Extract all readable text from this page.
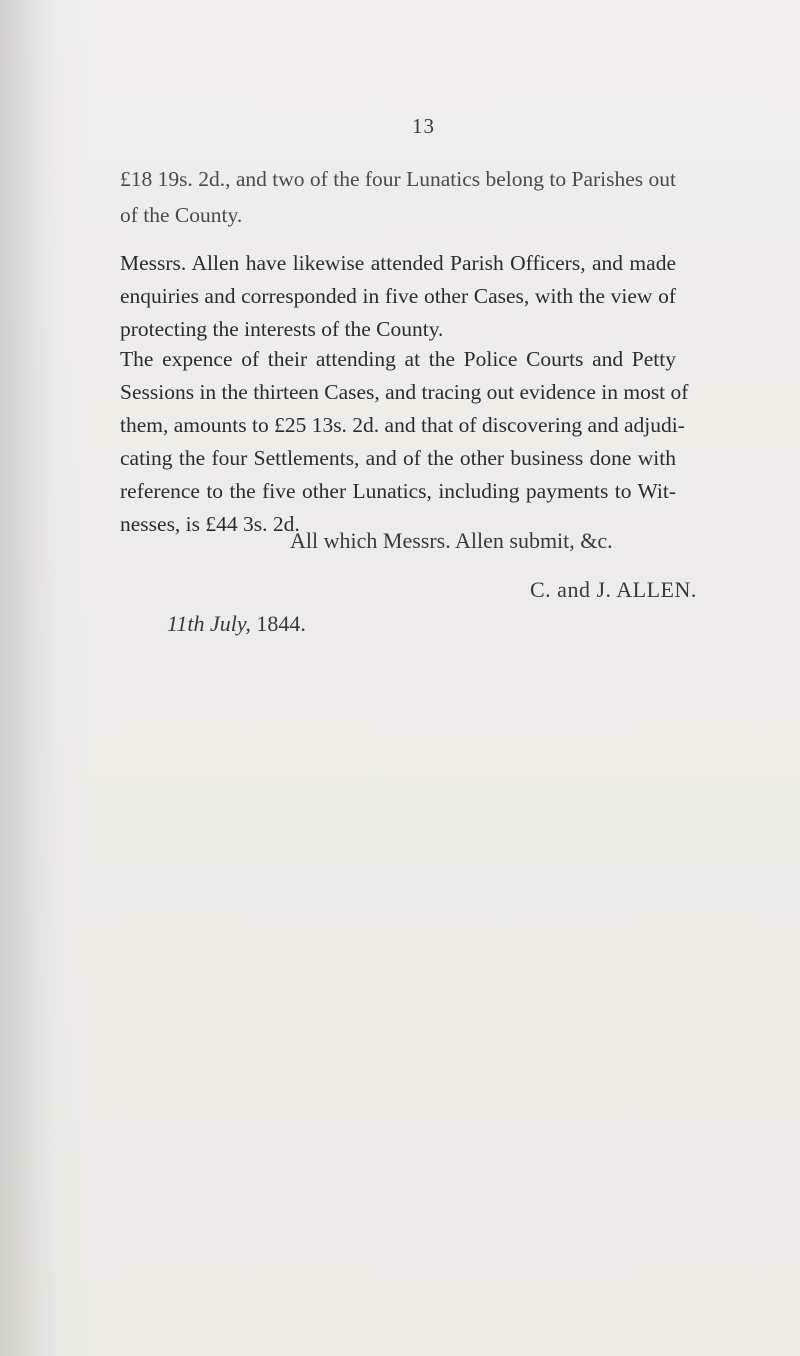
13
£18 19s. 2d., and two of the four Lunatics belong to Parishes out
of the County.
Messrs. Allen have likewise attended Parish Officers, and made
enquiries and corresponded in five other Cases, with the view of
protecting the interests of the County.
The expence of their attending at the Police Courts and Petty
Sessions in the thirteen Cases, and tracing out evidence in most of
them, amounts to £25 13s. 2d. and that of discovering and adjudi-
cating the four Settlements, and of the other business done with
reference to the five other Lunatics, including payments to Wit-
nesses, is £44 3s. 2d.
All which Messrs. Allen submit, &c.
C. and J. ALLEN.
11th July, 1844.
